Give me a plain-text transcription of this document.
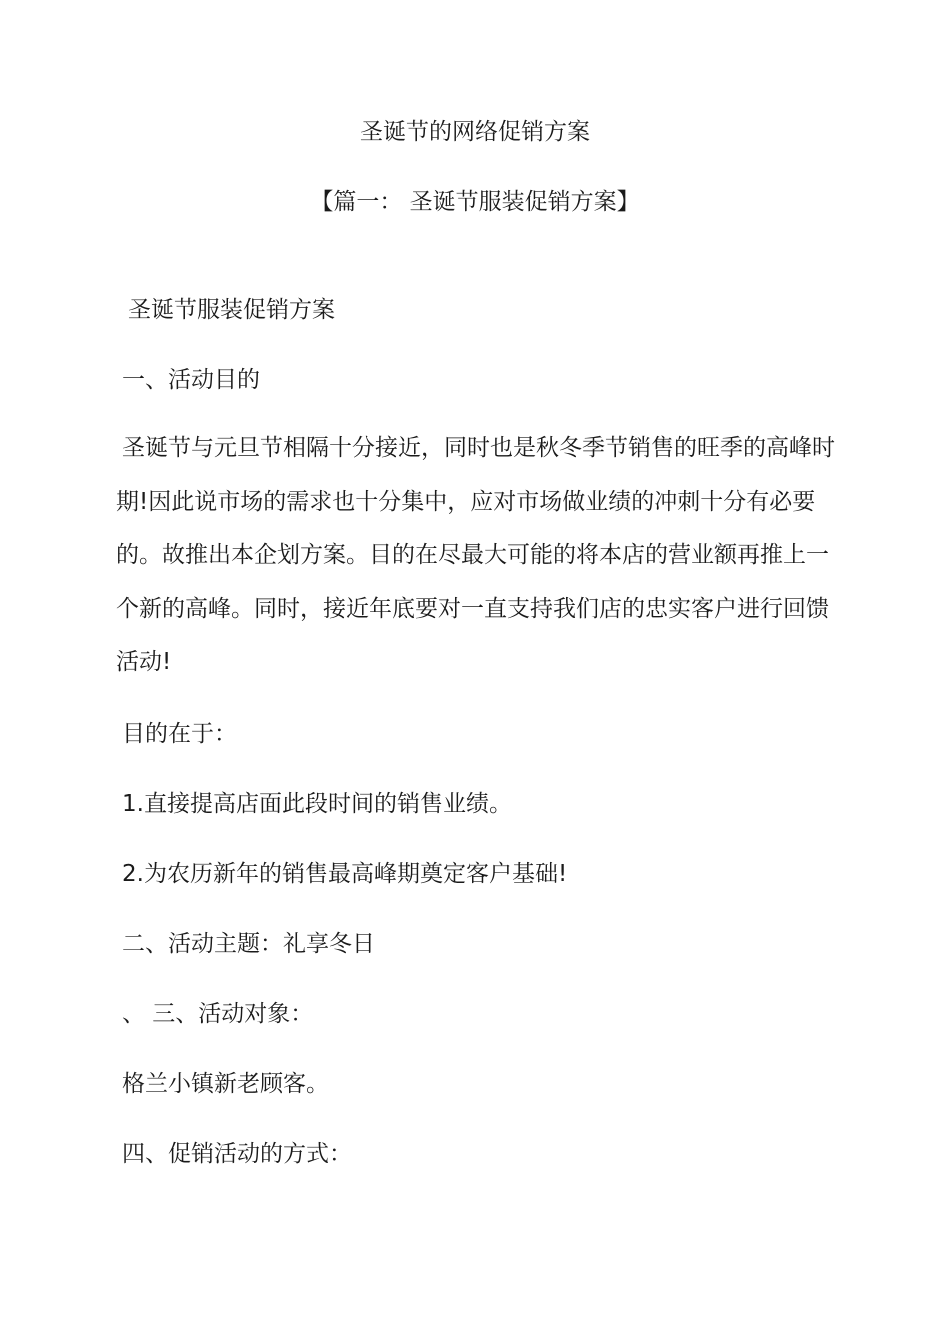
圣诞节的网络促销方案
【篇一： 圣诞节服装促销方案】
圣诞节服装促销方案
一、活动目的

圣诞节与元旦节相隔十分接近，同时也是秋冬季节销售的旺季的高峰时期!因此说市场的需求也十分集中，应对市场做业绩的冲刺十分有必要的。故推出本企划方案。目的在尽最大可能的将本店的营业额再推上一个新的高峰。同时，接近年底要对一直支持我们店的忠实客户进行回馈活动!

目的在于：
1.直接提高店面此段时间的销售业绩。
2.为农历新年的销售最高峰期奠定客户基础!
二、活动主题：礼享冬日
、 三、活动对象：
格兰小镇新老顾客。
四、促销活动的方式：
